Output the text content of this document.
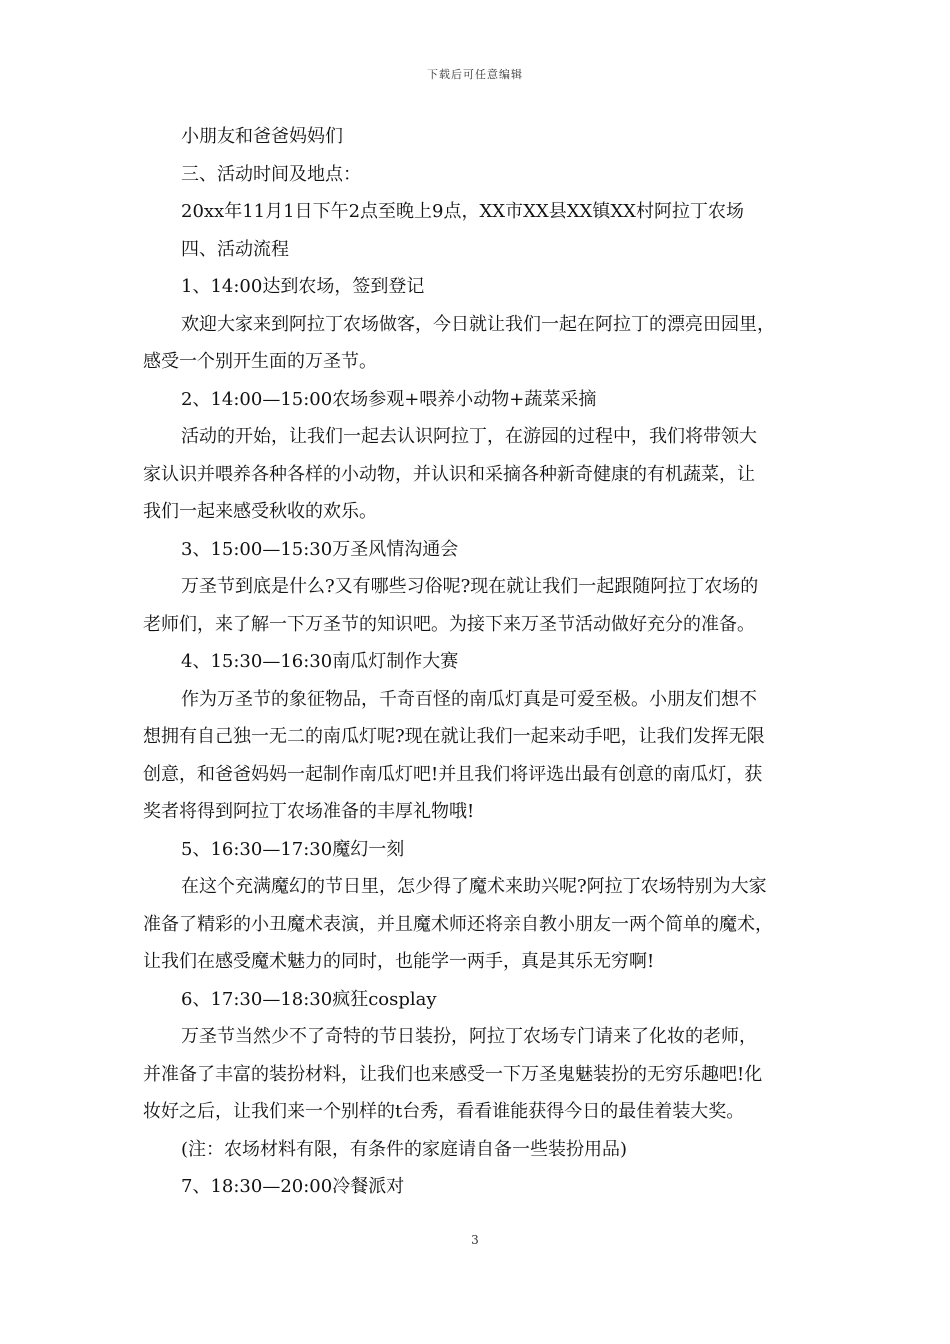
下载后可任意编辑
小朋友和爸爸妈妈们
三、活动时间及地点：
20xx年11月1日下午2点至晚上9点，XX市XX县XX镇XX村阿拉丁农场
四、活动流程
1、14:00达到农场，签到登记
欢迎大家来到阿拉丁农场做客，今日就让我们一起在阿拉丁的漂亮田园里，
感受一个别开生面的万圣节。
2、14:00—15:00农场参观+喂养小动物+蔬菜采摘
活动的开始，让我们一起去认识阿拉丁，在游园的过程中，我们将带领大
家认识并喂养各种各样的小动物，并认识和采摘各种新奇健康的有机蔬菜，让
我们一起来感受秋收的欢乐。
3、15:00—15:30万圣风情沟通会
万圣节到底是什么?又有哪些习俗呢?现在就让我们一起跟随阿拉丁农场的
老师们，来了解一下万圣节的知识吧。为接下来万圣节活动做好充分的准备。
4、15:30—16:30南瓜灯制作大赛
作为万圣节的象征物品，千奇百怪的南瓜灯真是可爱至极。小朋友们想不
想拥有自己独一无二的南瓜灯呢?现在就让我们一起来动手吧，让我们发挥无限
创意，和爸爸妈妈一起制作南瓜灯吧!并且我们将评选出最有创意的南瓜灯，获
奖者将得到阿拉丁农场准备的丰厚礼物哦!
5、16:30—17:30魔幻一刻
在这个充满魔幻的节日里，怎少得了魔术来助兴呢?阿拉丁农场特别为大家
准备了精彩的小丑魔术表演，并且魔术师还将亲自教小朋友一两个简单的魔术，
让我们在感受魔术魅力的同时，也能学一两手，真是其乐无穷啊!
6、17:30—18:30疯狂cosplay
万圣节当然少不了奇特的节日装扮，阿拉丁农场专门请来了化妆的老师，
并准备了丰富的装扮材料，让我们也来感受一下万圣鬼魅装扮的无穷乐趣吧!化
妆好之后，让我们来一个别样的t台秀，看看谁能获得今日的最佳着装大奖。
(注：农场材料有限，有条件的家庭请自备一些装扮用品)
7、18:30—20:00冷餐派对
3
